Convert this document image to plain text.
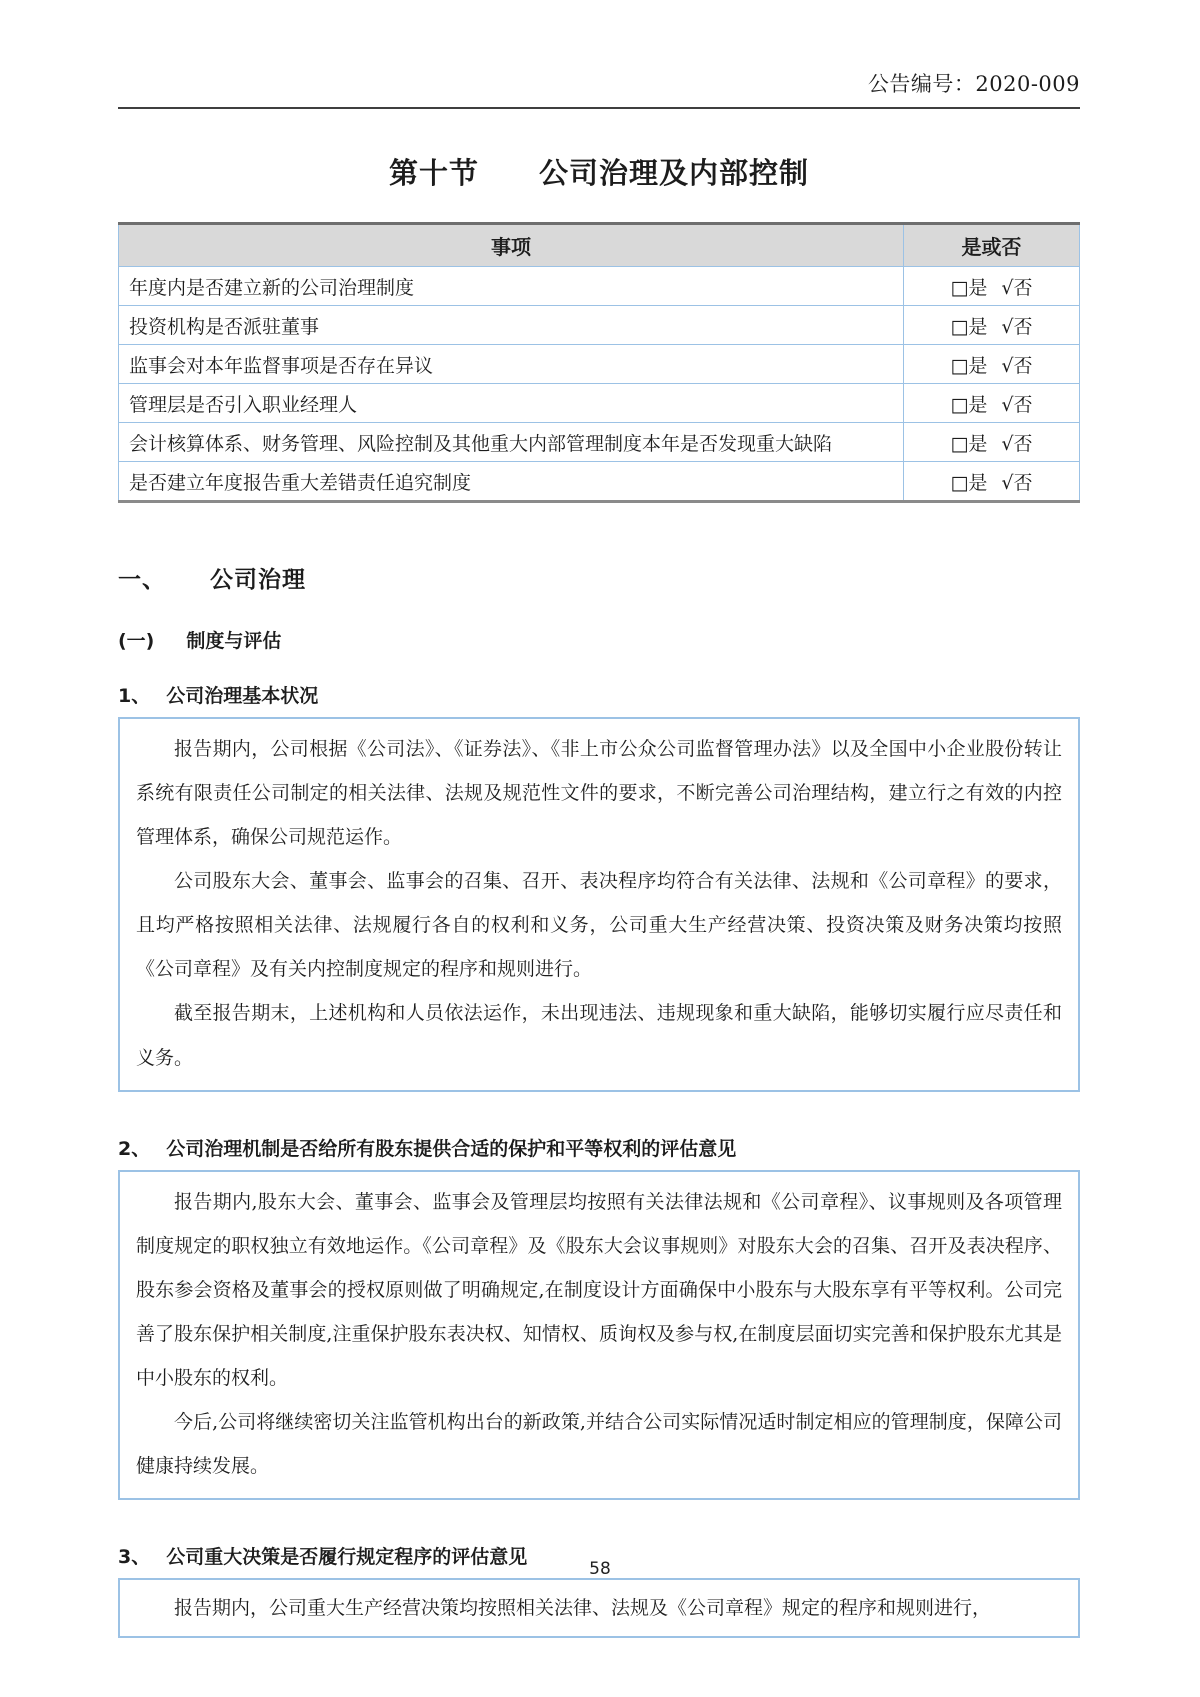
公告编号：2020-009
第十节　　公司治理及内部控制
事项	是或否
年度内是否建立新的公司治理制度	□是 √否
投资机构是否派驻董事	□是 √否
监事会对本年监督事项是否存在异议	□是 √否
管理层是否引入职业经理人	□是 √否
会计核算体系、财务管理、风险控制及其他重大内部管理制度本年是否发现重大缺陷	□是 √否
是否建立年度报告重大差错责任追究制度	□是 √否
一、 公司治理
(一) 制度与评估
1、 公司治理基本状况

报告期内，公司根据《公司法》、《证券法》、《非上市公众公司监督管理办法》以及全国中小企业股份转让系统有限责任公司制定的相关法律、法规及规范性文件的要求，不断完善公司治理结构，建立行之有效的内控管理体系，确保公司规范运作。

公司股东大会、董事会、监事会的召集、召开、表决程序均符合有关法律、法规和《公司章程》的要求，且均严格按照相关法律、法规履行各自的权利和义务，公司重大生产经营决策、投资决策及财务决策均按照《公司章程》及有关内控制度规定的程序和规则进行。

截至报告期末，上述机构和人员依法运作，未出现违法、违规现象和重大缺陷，能够切实履行应尽责任和义务。

2、 公司治理机制是否给所有股东提供合适的保护和平等权利的评估意见

报告期内,股东大会、董事会、监事会及管理层均按照有关法律法规和《公司章程》、议事规则及各项管理制度规定的职权独立有效地运作。《公司章程》及《股东大会议事规则》对股东大会的召集、召开及表决程序、股东参会资格及董事会的授权原则做了明确规定,在制度设计方面确保中小股东与大股东享有平等权利。公司完善了股东保护相关制度,注重保护股东表决权、知情权、质询权及参与权,在制度层面切实完善和保护股东尤其是中小股东的权利。

今后,公司将继续密切关注监管机构出台的新政策,并结合公司实际情况适时制定相应的管理制度，保障公司健康持续发展。

3、 公司重大决策是否履行规定程序的评估意见

报告期内，公司重大生产经营决策均按照相关法律、法规及《公司章程》规定的程序和规则进行，

58
